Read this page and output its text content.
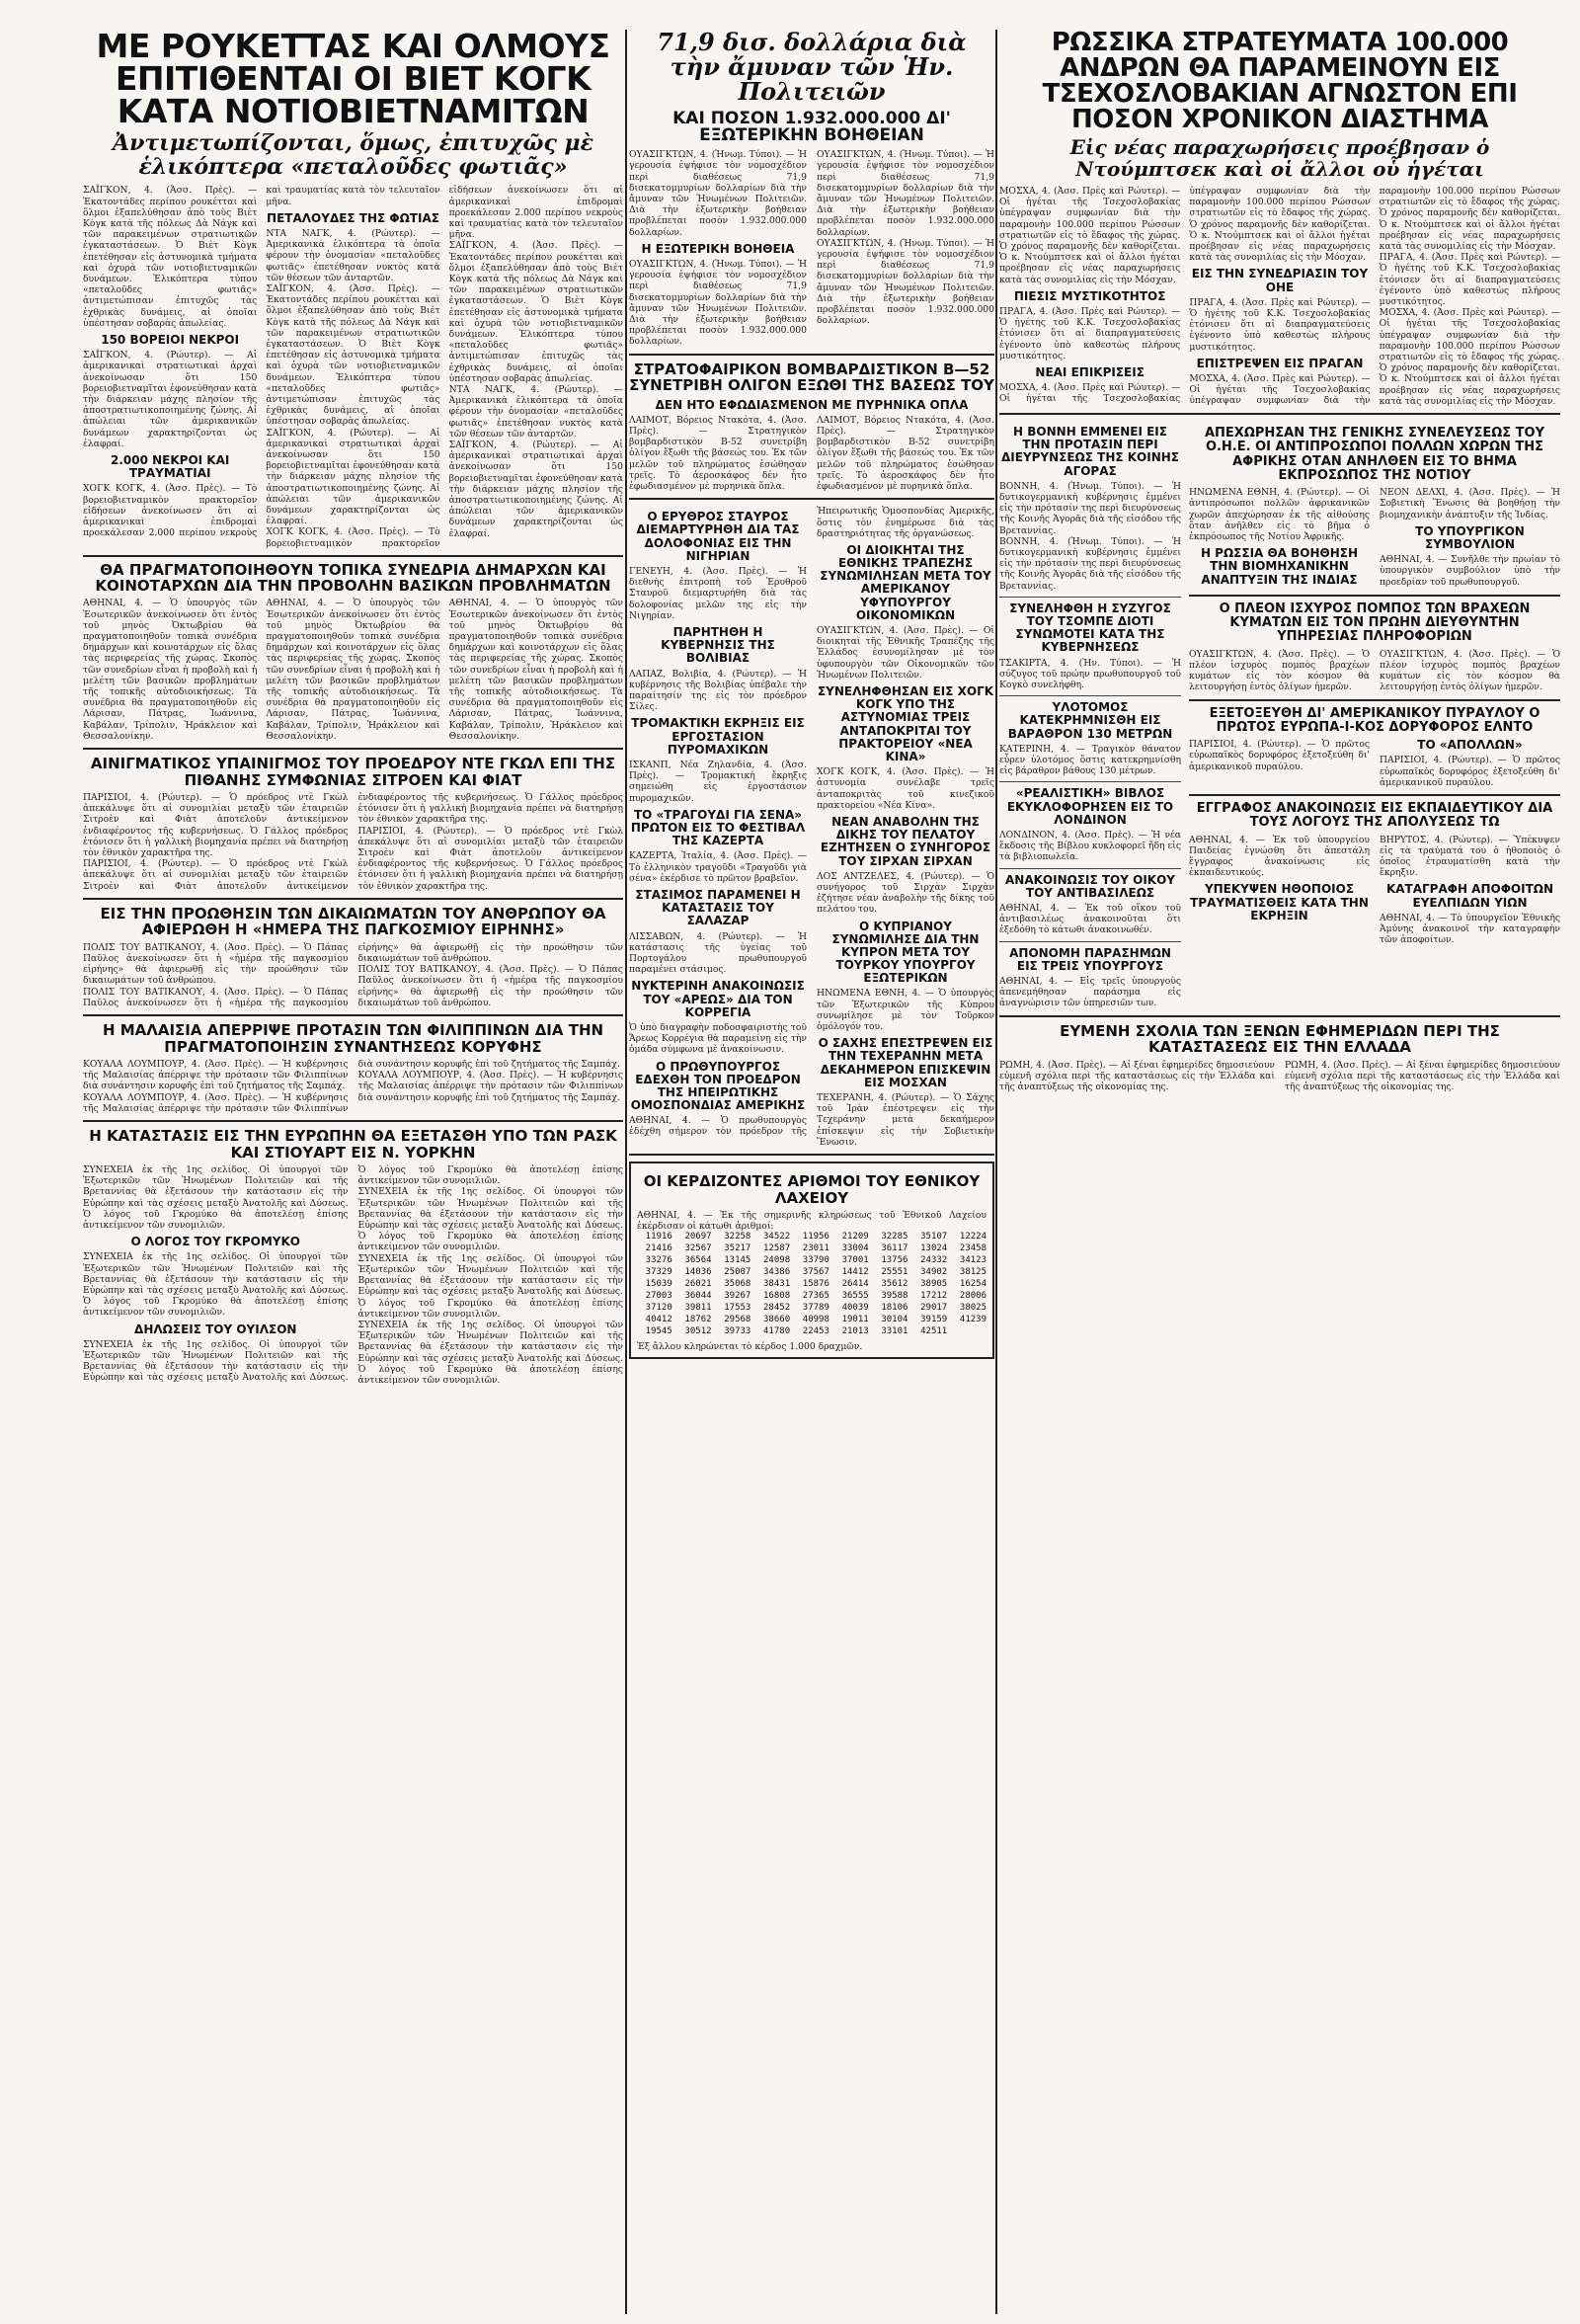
ΜΕ ΡΟΥΚΕΤΤΑΣ ΚΑΙ ΟΛΜΟΥΣ ΕΠΙΤΙΘΕΝΤΑΙ ΟΙ ΒΙΕΤ ΚΟΓΚ ΚΑΤΑ ΝΟΤΙΟΒΙΕΤΝΑΜΙΤΩΝ
Ἀντιμετωπίζονται, ὅμως, ἐπιτυχῶς μὲ ἑλικόπτερα «πεταλοῦδες φωτιᾶς»

ΣΑΪΓΚΟΝ, 4. (Ἀσσ. Πρὲς). — Ἐκατοντάδες περίπου ρουκέτται καὶ ὅλμοι ἐξαπελύθησαν ἀπὸ τοὺς Βιὲτ Κὸγκ κατὰ τῆς πόλεως Δὰ Νάγκ καὶ τῶν παρακειμένων στρατιωτικῶν ἐγκαταστάσεων. Ὁ Βιὲτ Κὸγκ ἐπετέθησαν εἰς ἀστυνομικὰ τμήματα καὶ ὀχυρὰ τῶν νοτιοβιετναμικῶν δυνάμεων. Ἑλικόπτερα τύπου «πεταλοῦδες φωτιᾶς» ἀντιμετώπισαν ἐπιτυχῶς τὰς ἐχθρικὰς δυνάμεις, αἱ ὁποῖαι ὑπέστησαν σοβαρὰς ἀπωλείας.

150 ΒΟΡΕΙΟΙ ΝΕΚΡΟΙ

ΣΑΪΓΚΟΝ, 4. (Ρώυτερ). — Αἱ ἀμερικανικαὶ στρατιωτικαὶ ἀρχαὶ ἀνεκοίνωσαν ὅτι 150 βορειοβιετναμῖται ἐφονεύθησαν κατὰ τὴν διάρκειαν μάχης πλησίον τῆς ἀποστρατιωτικοποιημένης ζώνης. Αἱ ἀπώλειαι τῶν ἀμερικανικῶν δυνάμεων χαρακτηρίζονται ὡς ἐλαφραί.

2.000 ΝΕΚΡΟΙ ΚΑΙ ΤΡΑΥΜΑΤΙΑΙ

ΧΟΓΚ ΚΟΓΚ, 4. (Ἀσσ. Πρὲς). — Τὸ βορειοβιετναμικὸν πρακτορεῖον εἰδήσεων ἀνεκοίνωσεν ὅτι αἱ ἀμερικανικαὶ ἐπιδρομαὶ προεκάλεσαν 2.000 περίπου νεκροὺς καὶ τραυματίας κατὰ τὸν τελευταῖον μῆνα.

ΠΕΤΑΛΟΥΔΕΣ ΤΗΣ ΦΩΤΙΑΣ

ΝΤΑ ΝΑΓΚ, 4. (Ρώυτερ). — Ἀμερικανικὰ ἑλικόπτερα τὰ ὁποῖα φέρουν τὴν ὀνομασίαν «πεταλοῦδες φωτιᾶς» ἐπετέθησαν νυκτὸς κατὰ τῶν θέσεων τῶν ἀνταρτῶν.

ΣΑΪΓΚΟΝ, 4. (Ἀσσ. Πρὲς). — Ἐκατοντάδες περίπου ρουκέτται καὶ ὅλμοι ἐξαπελύθησαν ἀπὸ τοὺς Βιὲτ Κὸγκ κατὰ τῆς πόλεως Δὰ Νάγκ καὶ τῶν παρακειμένων στρατιωτικῶν ἐγκαταστάσεων. Ὁ Βιὲτ Κὸγκ ἐπετέθησαν εἰς ἀστυνομικὰ τμήματα καὶ ὀχυρὰ τῶν νοτιοβιετναμικῶν δυνάμεων. Ἑλικόπτερα τύπου «πεταλοῦδες φωτιᾶς» ἀντιμετώπισαν ἐπιτυχῶς τὰς ἐχθρικὰς δυνάμεις, αἱ ὁποῖαι ὑπέστησαν σοβαρὰς ἀπωλείας.

ΣΑΪΓΚΟΝ, 4. (Ρώυτερ). — Αἱ ἀμερικανικαὶ στρατιωτικαὶ ἀρχαὶ ἀνεκοίνωσαν ὅτι 150 βορειοβιετναμῖται ἐφονεύθησαν κατὰ τὴν διάρκειαν μάχης πλησίον τῆς ἀποστρατιωτικοποιημένης ζώνης. Αἱ ἀπώλειαι τῶν ἀμερικανικῶν δυνάμεων χαρακτηρίζονται ὡς ἐλαφραί.

ΧΟΓΚ ΚΟΓΚ, 4. (Ἀσσ. Πρὲς). — Τὸ βορειοβιετναμικὸν πρακτορεῖον εἰδήσεων ἀνεκοίνωσεν ὅτι αἱ ἀμερικανικαὶ ἐπιδρομαὶ προεκάλεσαν 2.000 περίπου νεκροὺς καὶ τραυματίας κατὰ τὸν τελευταῖον μῆνα.

ΣΑΪΓΚΟΝ, 4. (Ἀσσ. Πρὲς). — Ἐκατοντάδες περίπου ρουκέτται καὶ ὅλμοι ἐξαπελύθησαν ἀπὸ τοὺς Βιὲτ Κὸγκ κατὰ τῆς πόλεως Δὰ Νάγκ καὶ τῶν παρακειμένων στρατιωτικῶν ἐγκαταστάσεων. Ὁ Βιὲτ Κὸγκ ἐπετέθησαν εἰς ἀστυνομικὰ τμήματα καὶ ὀχυρὰ τῶν νοτιοβιετναμικῶν δυνάμεων. Ἑλικόπτερα τύπου «πεταλοῦδες φωτιᾶς» ἀντιμετώπισαν ἐπιτυχῶς τὰς ἐχθρικὰς δυνάμεις, αἱ ὁποῖαι ὑπέστησαν σοβαρὰς ἀπωλείας.

ΝΤΑ ΝΑΓΚ, 4. (Ρώυτερ). — Ἀμερικανικὰ ἑλικόπτερα τὰ ὁποῖα φέρουν τὴν ὀνομασίαν «πεταλοῦδες φωτιᾶς» ἐπετέθησαν νυκτὸς κατὰ τῶν θέσεων τῶν ἀνταρτῶν.

ΣΑΪΓΚΟΝ, 4. (Ρώυτερ). — Αἱ ἀμερικανικαὶ στρατιωτικαὶ ἀρχαὶ ἀνεκοίνωσαν ὅτι 150 βορειοβιετναμῖται ἐφονεύθησαν κατὰ τὴν διάρκειαν μάχης πλησίον τῆς ἀποστρατιωτικοποιημένης ζώνης. Αἱ ἀπώλειαι τῶν ἀμερικανικῶν δυνάμεων χαρακτηρίζονται ὡς ἐλαφραί.

ΘΑ ΠΡΑΓΜΑΤΟΠΟΙΗΘΟΥΝ ΤΟΠΙΚΑ ΣΥΝΕΔΡΙΑ ΔΗΜΑΡΧΩΝ ΚΑΙ ΚΟΙΝΟΤΑΡΧΩΝ ΔΙΑ ΤΗΝ ΠΡΟΒΟΛΗΝ ΒΑΣΙΚΩΝ ΠΡΟΒΛΗΜΑΤΩΝ

ΑΘΗΝΑΙ, 4. — Ὁ ὑπουργὸς τῶν Ἐσωτερικῶν ἀνεκοίνωσεν ὅτι ἐντὸς τοῦ μηνὸς Ὀκτωβρίου θὰ πραγματοποιηθοῦν τοπικὰ συνέδρια δημάρχων καὶ κοινοτάρχων εἰς ὅλας τὰς περιφερείας τῆς χώρας. Σκοπὸς τῶν συνεδρίων εἶναι ἡ προβολὴ καὶ ἡ μελέτη τῶν βασικῶν προβλημάτων τῆς τοπικῆς αὐτοδιοικήσεως. Τὰ συνέδρια θὰ πραγματοποιηθοῦν εἰς Λάρισαν, Πάτρας, Ἰωάννινα, Καβάλαν, Τρίπολιν, Ἡράκλειον καὶ Θεσσαλονίκην.

ΑΘΗΝΑΙ, 4. — Ὁ ὑπουργὸς τῶν Ἐσωτερικῶν ἀνεκοίνωσεν ὅτι ἐντὸς τοῦ μηνὸς Ὀκτωβρίου θὰ πραγματοποιηθοῦν τοπικὰ συνέδρια δημάρχων καὶ κοινοτάρχων εἰς ὅλας τὰς περιφερείας τῆς χώρας. Σκοπὸς τῶν συνεδρίων εἶναι ἡ προβολὴ καὶ ἡ μελέτη τῶν βασικῶν προβλημάτων τῆς τοπικῆς αὐτοδιοικήσεως. Τὰ συνέδρια θὰ πραγματοποιηθοῦν εἰς Λάρισαν, Πάτρας, Ἰωάννινα, Καβάλαν, Τρίπολιν, Ἡράκλειον καὶ Θεσσαλονίκην.

ΑΘΗΝΑΙ, 4. — Ὁ ὑπουργὸς τῶν Ἐσωτερικῶν ἀνεκοίνωσεν ὅτι ἐντὸς τοῦ μηνὸς Ὀκτωβρίου θὰ πραγματοποιηθοῦν τοπικὰ συνέδρια δημάρχων καὶ κοινοτάρχων εἰς ὅλας τὰς περιφερείας τῆς χώρας. Σκοπὸς τῶν συνεδρίων εἶναι ἡ προβολὴ καὶ ἡ μελέτη τῶν βασικῶν προβλημάτων τῆς τοπικῆς αὐτοδιοικήσεως. Τὰ συνέδρια θὰ πραγματοποιηθοῦν εἰς Λάρισαν, Πάτρας, Ἰωάννινα, Καβάλαν, Τρίπολιν, Ἡράκλειον καὶ Θεσσαλονίκην.

ΑΙΝΙΓΜΑΤΙΚΟΣ ΥΠΑΙΝΙΓΜΟΣ ΤΟΥ ΠΡΟΕΔΡΟΥ ΝΤΕ ΓΚΩΛ ΕΠΙ ΤΗΣ ΠΙΘΑΝΗΣ ΣΥΜΦΩΝΙΑΣ ΣΙΤΡΟΕΝ ΚΑΙ ΦΙΑΤ

ΠΑΡΙΣΙΟΙ, 4. (Ρώυτερ). — Ὁ πρόεδρος ντὲ Γκὼλ ἀπεκάλυψε ὅτι αἱ συνομιλίαι μεταξὺ τῶν ἑταιρειῶν Σιτροὲν καὶ Φιὰτ ἀποτελοῦν ἀντικείμενον ἐνδιαφέροντος τῆς κυβερνήσεως. Ὁ Γάλλος πρόεδρος ἐτόνισεν ὅτι ἡ γαλλικὴ βιομηχανία πρέπει νὰ διατηρήσῃ τὸν ἐθνικὸν χαρακτῆρα της.

ΠΑΡΙΣΙΟΙ, 4. (Ρώυτερ). — Ὁ πρόεδρος ντὲ Γκὼλ ἀπεκάλυψε ὅτι αἱ συνομιλίαι μεταξὺ τῶν ἑταιρειῶν Σιτροὲν καὶ Φιὰτ ἀποτελοῦν ἀντικείμενον ἐνδιαφέροντος τῆς κυβερνήσεως. Ὁ Γάλλος πρόεδρος ἐτόνισεν ὅτι ἡ γαλλικὴ βιομηχανία πρέπει νὰ διατηρήσῃ τὸν ἐθνικὸν χαρακτῆρα της.

ΠΑΡΙΣΙΟΙ, 4. (Ρώυτερ). — Ὁ πρόεδρος ντὲ Γκὼλ ἀπεκάλυψε ὅτι αἱ συνομιλίαι μεταξὺ τῶν ἑταιρειῶν Σιτροὲν καὶ Φιὰτ ἀποτελοῦν ἀντικείμενον ἐνδιαφέροντος τῆς κυβερνήσεως. Ὁ Γάλλος πρόεδρος ἐτόνισεν ὅτι ἡ γαλλικὴ βιομηχανία πρέπει νὰ διατηρήσῃ τὸν ἐθνικὸν χαρακτῆρα της.

ΕΙΣ ΤΗΝ ΠΡΟΩΘΗΣΙΝ ΤΩΝ ΔΙΚΑΙΩΜΑΤΩΝ ΤΟΥ ΑΝΘΡΩΠΟΥ ΘΑ ΑΦΙΕΡΩΘΗ Η «ΗΜΕΡΑ ΤΗΣ ΠΑΓΚΟΣΜΙΟΥ ΕΙΡΗΝΗΣ»

ΠΟΛΙΣ ΤΟΥ ΒΑΤΙΚΑΝΟΥ, 4. (Ἀσσ. Πρὲς). — Ὁ Πάπας Παῦλος ἀνεκοίνωσεν ὅτι ἡ «ἡμέρα τῆς παγκοσμίου εἰρήνης» θὰ ἀφιερωθῇ εἰς τὴν προώθησιν τῶν δικαιωμάτων τοῦ ἀνθρώπου.

ΠΟΛΙΣ ΤΟΥ ΒΑΤΙΚΑΝΟΥ, 4. (Ἀσσ. Πρὲς). — Ὁ Πάπας Παῦλος ἀνεκοίνωσεν ὅτι ἡ «ἡμέρα τῆς παγκοσμίου εἰρήνης» θὰ ἀφιερωθῇ εἰς τὴν προώθησιν τῶν δικαιωμάτων τοῦ ἀνθρώπου.

ΠΟΛΙΣ ΤΟΥ ΒΑΤΙΚΑΝΟΥ, 4. (Ἀσσ. Πρὲς). — Ὁ Πάπας Παῦλος ἀνεκοίνωσεν ὅτι ἡ «ἡμέρα τῆς παγκοσμίου εἰρήνης» θὰ ἀφιερωθῇ εἰς τὴν προώθησιν τῶν δικαιωμάτων τοῦ ἀνθρώπου.

Η ΜΑΛΑΙΣΙΑ ΑΠΕΡΡΙΨΕ ΠΡΟΤΑΣΙΝ ΤΩΝ ΦΙΛΙΠΠΙΝΩΝ ΔΙΑ ΤΗΝ ΠΡΑΓΜΑΤΟΠΟΙΗΣΙΝ ΣΥΝΑΝΤΗΣΕΩΣ ΚΟΡΥΦΗΣ

ΚΟΥΑΛΑ ΛΟΥΜΠΟΥΡ, 4. (Ἀσσ. Πρὲς). — Ἡ κυβέρνησις τῆς Μαλαισίας ἀπέρριψε τὴν πρότασιν τῶν Φιλιππίνων διὰ συνάντησιν κορυφῆς ἐπὶ τοῦ ζητήματος τῆς Σαμπάχ.

ΚΟΥΑΛΑ ΛΟΥΜΠΟΥΡ, 4. (Ἀσσ. Πρὲς). — Ἡ κυβέρνησις τῆς Μαλαισίας ἀπέρριψε τὴν πρότασιν τῶν Φιλιππίνων διὰ συνάντησιν κορυφῆς ἐπὶ τοῦ ζητήματος τῆς Σαμπάχ.

ΚΟΥΑΛΑ ΛΟΥΜΠΟΥΡ, 4. (Ἀσσ. Πρὲς). — Ἡ κυβέρνησις τῆς Μαλαισίας ἀπέρριψε τὴν πρότασιν τῶν Φιλιππίνων διὰ συνάντησιν κορυφῆς ἐπὶ τοῦ ζητήματος τῆς Σαμπάχ.

Η ΚΑΤΑΣΤΑΣΙΣ ΕΙΣ ΤΗΝ ΕΥΡΩΠΗΝ ΘΑ ΕΞΕΤΑΣΘΗ ΥΠΟ ΤΩΝ ΡΑΣΚ ΚΑΙ ΣΤΙΟΥΑΡΤ ΕΙΣ Ν. ΥΟΡΚΗΝ

ΣΥΝΕΧΕΙΑ ἐκ τῆς 1ης σελίδος. Οἱ ὑπουργοὶ τῶν Ἐξωτερικῶν τῶν Ἡνωμένων Πολιτειῶν καὶ τῆς Βρεταννίας θὰ ἐξετάσουν τὴν κατάστασιν εἰς τὴν Εὐρώπην καὶ τὰς σχέσεις μεταξὺ Ἀνατολῆς καὶ Δύσεως. Ὁ λόγος τοῦ Γκρομύκο θὰ ἀποτελέσῃ ἐπίσης ἀντικείμενον τῶν συνομιλιῶν.

Ο ΛΟΓΟΣ ΤΟΥ ΓΚΡΟΜΥΚΟ

ΣΥΝΕΧΕΙΑ ἐκ τῆς 1ης σελίδος. Οἱ ὑπουργοὶ τῶν Ἐξωτερικῶν τῶν Ἡνωμένων Πολιτειῶν καὶ τῆς Βρεταννίας θὰ ἐξετάσουν τὴν κατάστασιν εἰς τὴν Εὐρώπην καὶ τὰς σχέσεις μεταξὺ Ἀνατολῆς καὶ Δύσεως. Ὁ λόγος τοῦ Γκρομύκο θὰ ἀποτελέσῃ ἐπίσης ἀντικείμενον τῶν συνομιλιῶν.

ΔΗΛΩΣΕΙΣ ΤΟΥ ΟΥΙΛΣΟΝ

ΣΥΝΕΧΕΙΑ ἐκ τῆς 1ης σελίδος. Οἱ ὑπουργοὶ τῶν Ἐξωτερικῶν τῶν Ἡνωμένων Πολιτειῶν καὶ τῆς Βρεταννίας θὰ ἐξετάσουν τὴν κατάστασιν εἰς τὴν Εὐρώπην καὶ τὰς σχέσεις μεταξὺ Ἀνατολῆς καὶ Δύσεως. Ὁ λόγος τοῦ Γκρομύκο θὰ ἀποτελέσῃ ἐπίσης ἀντικείμενον τῶν συνομιλιῶν.

ΣΥΝΕΧΕΙΑ ἐκ τῆς 1ης σελίδος. Οἱ ὑπουργοὶ τῶν Ἐξωτερικῶν τῶν Ἡνωμένων Πολιτειῶν καὶ τῆς Βρεταννίας θὰ ἐξετάσουν τὴν κατάστασιν εἰς τὴν Εὐρώπην καὶ τὰς σχέσεις μεταξὺ Ἀνατολῆς καὶ Δύσεως. Ὁ λόγος τοῦ Γκρομύκο θὰ ἀποτελέσῃ ἐπίσης ἀντικείμενον τῶν συνομιλιῶν.

ΣΥΝΕΧΕΙΑ ἐκ τῆς 1ης σελίδος. Οἱ ὑπουργοὶ τῶν Ἐξωτερικῶν τῶν Ἡνωμένων Πολιτειῶν καὶ τῆς Βρεταννίας θὰ ἐξετάσουν τὴν κατάστασιν εἰς τὴν Εὐρώπην καὶ τὰς σχέσεις μεταξὺ Ἀνατολῆς καὶ Δύσεως. Ὁ λόγος τοῦ Γκρομύκο θὰ ἀποτελέσῃ ἐπίσης ἀντικείμενον τῶν συνομιλιῶν.

ΣΥΝΕΧΕΙΑ ἐκ τῆς 1ης σελίδος. Οἱ ὑπουργοὶ τῶν Ἐξωτερικῶν τῶν Ἡνωμένων Πολιτειῶν καὶ τῆς Βρεταννίας θὰ ἐξετάσουν τὴν κατάστασιν εἰς τὴν Εὐρώπην καὶ τὰς σχέσεις μεταξὺ Ἀνατολῆς καὶ Δύσεως. Ὁ λόγος τοῦ Γκρομύκο θὰ ἀποτελέσῃ ἐπίσης ἀντικείμενον τῶν συνομιλιῶν.

71,9 δισ. δολλάρια διὰ τὴν ἄμυναν τῶν Ἡν. Πολιτειῶν
ΚΑΙ ΠΟΣΟΝ 1.932.000.000 ΔΙ' ΕΞΩΤΕΡΙΚΗΝ ΒΟΗΘΕΙΑΝ

ΟΥΑΣΙΓΚΤΩΝ, 4. (Ἡνωμ. Τύποι). — Ἡ γερουσία ἐψήφισε τὸν νομοσχέδιον περὶ διαθέσεως 71,9 δισεκατομμυρίων δολλαρίων διὰ τὴν ἄμυναν τῶν Ἡνωμένων Πολιτειῶν. Διὰ τὴν ἐξωτερικὴν βοήθειαν προβλέπεται ποσὸν 1.932.000.000 δολλαρίων.

Η ΕΞΩΤΕΡΙΚΗ ΒΟΗΘΕΙΑ

ΟΥΑΣΙΓΚΤΩΝ, 4. (Ἡνωμ. Τύποι). — Ἡ γερουσία ἐψήφισε τὸν νομοσχέδιον περὶ διαθέσεως 71,9 δισεκατομμυρίων δολλαρίων διὰ τὴν ἄμυναν τῶν Ἡνωμένων Πολιτειῶν. Διὰ τὴν ἐξωτερικὴν βοήθειαν προβλέπεται ποσὸν 1.932.000.000 δολλαρίων.

ΟΥΑΣΙΓΚΤΩΝ, 4. (Ἡνωμ. Τύποι). — Ἡ γερουσία ἐψήφισε τὸν νομοσχέδιον περὶ διαθέσεως 71,9 δισεκατομμυρίων δολλαρίων διὰ τὴν ἄμυναν τῶν Ἡνωμένων Πολιτειῶν. Διὰ τὴν ἐξωτερικὴν βοήθειαν προβλέπεται ποσὸν 1.932.000.000 δολλαρίων.

ΟΥΑΣΙΓΚΤΩΝ, 4. (Ἡνωμ. Τύποι). — Ἡ γερουσία ἐψήφισε τὸν νομοσχέδιον περὶ διαθέσεως 71,9 δισεκατομμυρίων δολλαρίων διὰ τὴν ἄμυναν τῶν Ἡνωμένων Πολιτειῶν. Διὰ τὴν ἐξωτερικὴν βοήθειαν προβλέπεται ποσὸν 1.932.000.000 δολλαρίων.

ΣΤΡΑΤΟΦΑΙΡΙΚΟΝ ΒΟΜΒΑΡΔΙΣΤΙΚΟΝ Β—52 ΣΥΝΕΤΡΙΒΗ ΟΛΙΓΟΝ ΕΞΩΘΙ ΤΗΣ ΒΑΣΕΩΣ ΤΟΥ
ΔΕΝ ΗΤΟ ΕΦΩΔΙΑΣΜΕΝΟΝ ΜΕ ΠΥΡΗΝΙΚΑ ΟΠΛΑ

ΛΑΙΜΟΤ, Βόρειος Ντακότα, 4. (Ἀσσ. Πρὲς). — Στρατηγικὸν βομβαρδιστικὸν Β-52 συνετρίβη ὀλίγον ἔξωθι τῆς βάσεώς του. Ἐκ τῶν μελῶν τοῦ πληρώματος ἐσώθησαν τρεῖς. Τὸ ἀεροσκάφος δὲν ἦτο ἐφωδιασμένον μὲ πυρηνικὰ ὅπλα.

ΛΑΙΜΟΤ, Βόρειος Ντακότα, 4. (Ἀσσ. Πρὲς). — Στρατηγικὸν βομβαρδιστικὸν Β-52 συνετρίβη ὀλίγον ἔξωθι τῆς βάσεώς του. Ἐκ τῶν μελῶν τοῦ πληρώματος ἐσώθησαν τρεῖς. Τὸ ἀεροσκάφος δὲν ἦτο ἐφωδιασμένον μὲ πυρηνικὰ ὅπλα.

Ο ΕΡΥΘΡΟΣ ΣΤΑΥΡΟΣ ΔΙΕΜΑΡΤΥΡΗΘΗ ΔΙΑ ΤΑΣ ΔΟΛΟΦΟΝΙΑΣ ΕΙΣ ΤΗΝ ΝΙΓΗΡΙΑΝ

ΓΕΝΕΥΗ, 4. (Ἀσσ. Πρὲς). — Ἡ διεθνὴς ἐπιτροπὴ τοῦ Ἐρυθροῦ Σταυροῦ διεμαρτυρήθη διὰ τὰς δολοφονίας μελῶν της εἰς τὴν Νιγηρίαν.

ΠΑΡΗΤΗΘΗ Η ΚΥΒΕΡΝΗΣΙΣ ΤΗΣ ΒΟΛΙΒΙΑΣ

ΛΑΠΑΖ, Βολιβία, 4. (Ρώυτερ). — Ἡ κυβέρνησις τῆς Βολιβίας ὑπέβαλε τὴν παραίτησίν της εἰς τὸν πρόεδρον Σίλες.

ΤΡΟΜΑΚΤΙΚΗ ΕΚΡΗΞΙΣ ΕΙΣ ΕΡΓΟΣΤΑΣΙΟΝ ΠΥΡΟΜΑΧΙΚΩΝ

ΙΣΚΑΝΠ, Νέα Ζηλανδία, 4. (Ἀσσ. Πρὲς). — Τρομακτικὴ ἔκρηξις σημειώθη εἰς ἐργοστάσιον πυρομαχικῶν.

ΤΟ «ΤΡΑΓΟΥΔΙ ΓΙΑ ΣΕΝΑ» ΠΡΩΤΟΝ ΕΙΣ ΤΟ ΦΕΣΤΙΒΑΛ ΤΗΣ ΚΑΖΕΡΤΑ

ΚΑΖΕΡΤΑ, Ἰταλία, 4. (Ἀσσ. Πρὲς). — Τὸ ἑλληνικὸν τραγοῦδι «Τραγοῦδι γιὰ σένα» ἐκέρδισε τὸ πρῶτον βραβεῖον.

ΣΤΑΣΙΜΟΣ ΠΑΡΑΜΕΝΕΙ Η ΚΑΤΑΣΤΑΣΙΣ ΤΟΥ ΣΑΛΑΖΑΡ

ΛΙΣΣΑΒΩΝ, 4. (Ρώυτερ). — Ἡ κατάστασις τῆς ὑγείας τοῦ Πορτογάλου πρωθυπουργοῦ παραμένει στάσιμος.

ΝΥΚΤΕΡΙΝΗ ΑΝΑΚΟΙΝΩΣΙΣ ΤΟΥ «ΑΡΕΩΣ» ΔΙΑ ΤΟΝ ΚΟΡΡΕΓΙΑ

Ὁ ὑπὸ διαγραφὴν ποδοσφαιριστὴς τοῦ Ἄρεως Κορρέγια θὰ παραμείνῃ εἰς τὴν ὁμάδα σύμφωνα μὲ ἀνακοίνωσιν.

Ο ΠΡΩΘΥΠΟΥΡΓΟΣ ΕΔΕΧΘΗ ΤΟΝ ΠΡΟΕΔΡΟΝ ΤΗΣ ΗΠΕΙΡΩΤΙΚΗΣ ΟΜΟΣΠΟΝΔΙΑΣ ΑΜΕΡΙΚΗΣ

ΑΘΗΝΑΙ, 4. — Ὁ πρωθυπουργὸς ἐδέχθη σήμερον τὸν πρόεδρον τῆς Ἠπειρωτικῆς Ὁμοσπονδίας Ἀμερικῆς, ὅστις τὸν ἐνημέρωσε διὰ τὰς δραστηριότητας τῆς ὀργανώσεως.

ΟΙ ΔΙΟΙΚΗΤΑΙ ΤΗΣ ΕΘΝΙΚΗΣ ΤΡΑΠΕΖΗΣ ΣΥΝΩΜΙΛΗΣΑΝ ΜΕΤΑ ΤΟΥ ΑΜΕΡΙΚΑΝΟΥ ΥΦΥΠΟΥΡΓΟΥ ΟΙΚΟΝΟΜΙΚΩΝ

ΟΥΑΣΙΓΚΤΩΝ, 4. (Ἀσσ. Πρὲς). — Οἱ διοικηταὶ τῆς Ἐθνικῆς Τραπέζης τῆς Ἑλλάδος ἐσυνομίλησαν μὲ τὸν ὑφυπουργὸν τῶν Οἰκονομικῶν τῶν Ἡνωμένων Πολιτειῶν.

ΣΥΝΕΛΗΦΘΗΣΑΝ ΕΙΣ ΧΟΓΚ ΚΟΓΚ ΥΠΟ ΤΗΣ ΑΣΤΥΝΟΜΙΑΣ ΤΡΕΙΣ ΑΝΤΑΠΟΚΡΙΤΑΙ ΤΟΥ ΠΡΑΚΤΟΡΕΙΟΥ «ΝΕΑ ΚΙΝΑ»

ΧΟΓΚ ΚΟΓΚ, 4. (Ἀσσ. Πρὲς). — Ἡ ἀστυνομία συνέλαβε τρεῖς ἀνταποκριτὰς τοῦ κινεζικοῦ πρακτορείου «Νέα Κίνα».

ΝΕΑΝ ΑΝΑΒΟΛΗΝ ΤΗΣ ΔΙΚΗΣ ΤΟΥ ΠΕΛΑΤΟΥ ΕΖΗΤΗΣΕΝ Ο ΣΥΝΗΓΟΡΟΣ ΤΟΥ ΣΙΡΧΑΝ ΣΙΡΧΑΝ

ΛΟΣ ΑΝΤΖΕΛΕΣ, 4. (Ρώυτερ). — Ὁ συνήγορος τοῦ Σιρχὰν Σιρχὰν ἐζήτησε νέαν ἀναβολὴν τῆς δίκης τοῦ πελάτου του.

Ο ΚΥΠΡΙΑΝΟΥ ΣΥΝΩΜΙΛΗΣΕ ΔΙΑ ΤΗΝ ΚΥΠΡΟΝ ΜΕΤΑ ΤΟΥ ΤΟΥΡΚΟΥ ΥΠΟΥΡΓΟΥ ΕΞΩΤΕΡΙΚΩΝ

ΗΝΩΜΕΝΑ ΕΘΝΗ, 4. — Ὁ ὑπουργὸς τῶν Ἐξωτερικῶν τῆς Κύπρου συνωμίλησε μὲ τὸν Τοῦρκον ὁμόλογόν του.

Ο ΣΑΧΗΣ ΕΠΕΣΤΡΕΨΕΝ ΕΙΣ ΤΗΝ ΤΕΧΕΡΑΝΗΝ ΜΕΤΑ ΔΕΚΑΗΜΕΡΟΝ ΕΠΙΣΚΕΨΙΝ ΕΙΣ ΜΟΣΧΑΝ

ΤΕΧΕΡΑΝΗ, 4. (Ρώυτερ). — Ὁ Σάχης τοῦ Ἰρὰν ἐπέστρεψεν εἰς τὴν Τεχεράνην μετὰ δεκαήμερον ἐπίσκεψιν εἰς τὴν Σοβιετικὴν Ἕνωσιν.

ΟΙ ΚΕΡΔΙΖΟΝΤΕΣ ΑΡΙΘΜΟΙ ΤΟΥ ΕΘΝΙΚΟΥ ΛΑΧΕΙΟΥ

ΑΘΗΝΑΙ, 4. — Ἐκ τῆς σημερινῆς κληρώσεως τοῦ Ἐθνικοῦ Λαχείου ἐκέρδισαν οἱ κάτωθι ἀριθμοί:

11916	20697	32258	34522	11956	21209	32285	35107	12224
21416	32567	35217	12587	23011	33004	36117	13024	23458
33276	36564	13145	24098	33790	37001	13756	24332	34123
37329	14036	25007	34386	37567	14412	25551	34902	38125
15039	26021	35068	38431	15876	26414	35612	38905	16254
27003	36044	39267	16808	27365	36555	39588	17212	28006
37120	39811	17553	28452	37789	40039	18106	29017	38025
40412	18762	29568	38660	40998	19011	30104	39159	41239
19545	30512	39733	41780	22453	21013	33101	42511

Ἐξ ἄλλου κληρώνεται τὸ κέρδος 1.000 δραχμῶν.

ΡΩΣΣΙΚΑ ΣΤΡΑΤΕΥΜΑΤΑ 100.000 ΑΝΔΡΩΝ ΘΑ ΠΑΡΑΜΕΙΝΟΥΝ ΕΙΣ ΤΣΕΧΟΣΛΟΒΑΚΙΑΝ ΑΓΝΩΣΤΟΝ ΕΠΙ ΠΟΣΟΝ ΧΡΟΝΙΚΟΝ ΔΙΑΣΤΗΜΑ
Εἰς νέας παραχωρήσεις προέβησαν ὁ Ντούμπτσεκ καὶ οἱ ἄλλοι οὗ ἡγέται

ΜΟΣΧΑ, 4. (Ἀσσ. Πρὲς καὶ Ρώυτερ). — Οἱ ἡγέται τῆς Τσεχοσλοβακίας ὑπέγραψαν συμφωνίαν διὰ τὴν παραμονὴν 100.000 περίπου Ρώσσων στρατιωτῶν εἰς τὸ ἔδαφος τῆς χώρας. Ὁ χρόνος παραμονῆς δὲν καθορίζεται. Ὁ κ. Ντούμπτσεκ καὶ οἱ ἄλλοι ἡγέται προέβησαν εἰς νέας παραχωρήσεις κατὰ τὰς συνομιλίας εἰς τὴν Μόσχαν.

ΠΙΕΣΙΣ ΜΥΣΤΙΚΟΤΗΤΟΣ

ΠΡΑΓΑ, 4. (Ἀσσ. Πρὲς καὶ Ρώυτερ). — Ὁ ἡγέτης τοῦ Κ.Κ. Τσεχοσλοβακίας ἐτόνισεν ὅτι αἱ διαπραγματεύσεις ἐγένοντο ὑπὸ καθεστὼς πλήρους μυστικότητος.

ΝΕΑΙ ΕΠΙΚΡΙΣΕΙΣ

ΜΟΣΧΑ, 4. (Ἀσσ. Πρὲς καὶ Ρώυτερ). — Οἱ ἡγέται τῆς Τσεχοσλοβακίας ὑπέγραψαν συμφωνίαν διὰ τὴν παραμονὴν 100.000 περίπου Ρώσσων στρατιωτῶν εἰς τὸ ἔδαφος τῆς χώρας. Ὁ χρόνος παραμονῆς δὲν καθορίζεται. Ὁ κ. Ντούμπτσεκ καὶ οἱ ἄλλοι ἡγέται προέβησαν εἰς νέας παραχωρήσεις κατὰ τὰς συνομιλίας εἰς τὴν Μόσχαν.

ΕΙΣ ΤΗΝ ΣΥΝΕΔΡΙΑΣΙΝ ΤΟΥ ΟΗΕ

ΠΡΑΓΑ, 4. (Ἀσσ. Πρὲς καὶ Ρώυτερ). — Ὁ ἡγέτης τοῦ Κ.Κ. Τσεχοσλοβακίας ἐτόνισεν ὅτι αἱ διαπραγματεύσεις ἐγένοντο ὑπὸ καθεστὼς πλήρους μυστικότητος.

ΕΠΙΣΤΡΕΨΕΝ ΕΙΣ ΠΡΑΓΑΝ

ΜΟΣΧΑ, 4. (Ἀσσ. Πρὲς καὶ Ρώυτερ). — Οἱ ἡγέται τῆς Τσεχοσλοβακίας ὑπέγραψαν συμφωνίαν διὰ τὴν παραμονὴν 100.000 περίπου Ρώσσων στρατιωτῶν εἰς τὸ ἔδαφος τῆς χώρας. Ὁ χρόνος παραμονῆς δὲν καθορίζεται. Ὁ κ. Ντούμπτσεκ καὶ οἱ ἄλλοι ἡγέται προέβησαν εἰς νέας παραχωρήσεις κατὰ τὰς συνομιλίας εἰς τὴν Μόσχαν.

ΠΡΑΓΑ, 4. (Ἀσσ. Πρὲς καὶ Ρώυτερ). — Ὁ ἡγέτης τοῦ Κ.Κ. Τσεχοσλοβακίας ἐτόνισεν ὅτι αἱ διαπραγματεύσεις ἐγένοντο ὑπὸ καθεστὼς πλήρους μυστικότητος.

ΜΟΣΧΑ, 4. (Ἀσσ. Πρὲς καὶ Ρώυτερ). — Οἱ ἡγέται τῆς Τσεχοσλοβακίας ὑπέγραψαν συμφωνίαν διὰ τὴν παραμονὴν 100.000 περίπου Ρώσσων στρατιωτῶν εἰς τὸ ἔδαφος τῆς χώρας. Ὁ χρόνος παραμονῆς δὲν καθορίζεται. Ὁ κ. Ντούμπτσεκ καὶ οἱ ἄλλοι ἡγέται προέβησαν εἰς νέας παραχωρήσεις κατὰ τὰς συνομιλίας εἰς τὴν Μόσχαν.

Η ΒΟΝΝΗ ΕΜΜΕΝΕΙ ΕΙΣ ΤΗΝ ΠΡΟΤΑΣΙΝ ΠΕΡΙ ΔΙΕΥΡΥΝΣΕΩΣ ΤΗΣ ΚΟΙΝΗΣ ΑΓΟΡΑΣ

ΒΟΝΝΗ, 4. (Ἡνωμ. Τύποι). — Ἡ δυτικογερμανικὴ κυβέρνησις ἐμμένει εἰς τὴν πρότασίν της περὶ διευρύνσεως τῆς Κοινῆς Ἀγορᾶς διὰ τῆς εἰσόδου τῆς Βρεταννίας.

ΒΟΝΝΗ, 4. (Ἡνωμ. Τύποι). — Ἡ δυτικογερμανικὴ κυβέρνησις ἐμμένει εἰς τὴν πρότασίν της περὶ διευρύνσεως τῆς Κοινῆς Ἀγορᾶς διὰ τῆς εἰσόδου τῆς Βρεταννίας.

ΣΥΝΕΛΗΦΘΗ Η ΣΥΖΥΓΟΣ ΤΟΥ ΤΣΟΜΠΕ ΔΙΟΤΙ ΣΥΝΩΜΟΤΕΙ ΚΑΤΑ ΤΗΣ ΚΥΒΕΡΝΗΣΕΩΣ

ΤΣΑΚΙΡΤΑ, 4. (Ἡν. Τύποι). — Ἡ σύζυγος τοῦ πρώην πρωθυπουργοῦ τοῦ Κογκὸ συνελήφθη.

ΥΛΟΤΟΜΟΣ ΚΑΤΕΚΡΗΜΝΙΣΘΗ ΕΙΣ ΒΑΡΑΘΡΟΝ 130 ΜΕΤΡΩΝ

ΚΑΤΕΡΙΝΗ, 4. — Τραγικὸν θάνατον εὗρεν ὑλοτόμος ὅστις κατεκρημνίσθη εἰς βάραθρον βάθους 130 μέτρων.

«ΡΕΑΛΙΣΤΙΚΗ» ΒΙΒΛΟΣ ΕΚΥΚΛΟΦΟΡΗΣΕΝ ΕΙΣ ΤΟ ΛΟΝΔΙΝΟΝ

ΛΟΝΔΙΝΟΝ, 4. (Ἀσσ. Πρὲς). — Ἡ νέα ἔκδοσις τῆς Βίβλου κυκλοφορεῖ ἤδη εἰς τὰ βιβλιοπωλεῖα.

ΑΝΑΚΟΙΝΩΣΙΣ ΤΟΥ ΟΙΚΟΥ ΤΟΥ ΑΝΤΙΒΑΣΙΛΕΩΣ

ΑΘΗΝΑΙ, 4. — Ἐκ τοῦ οἴκου τοῦ ἀντιβασιλέως ἀνακοινοῦται ὅτι ἐξεδόθη τὸ κάτωθι ἀνακοινωθέν.

ΑΠΟΝΟΜΗ ΠΑΡΑΣΗΜΩΝ ΕΙΣ ΤΡΕΙΣ ΥΠΟΥΡΓΟΥΣ

ΑΘΗΝΑΙ, 4. — Εἰς τρεῖς ὑπουργοὺς ἀπενεμήθησαν παράσημα εἰς ἀναγνώρισιν τῶν ὑπηρεσιῶν των.

ΑΠΕΧΩΡΗΣΑΝ ΤΗΣ ΓΕΝΙΚΗΣ ΣΥΝΕΛΕΥΣΕΩΣ ΤΟΥ Ο.Η.Ε. ΟΙ ΑΝΤΙΠΡΟΣΩΠΟΙ ΠΟΛΛΩΝ ΧΩΡΩΝ ΤΗΣ ΑΦΡΙΚΗΣ ΟΤΑΝ ΑΝΗΛΘΕΝ ΕΙΣ ΤΟ ΒΗΜΑ ΕΚΠΡΟΣΩΠΟΣ ΤΗΣ ΝΟΤΙΟΥ

ΗΝΩΜΕΝΑ ΕΘΝΗ, 4. (Ρώυτερ). — Οἱ ἀντιπρόσωποι πολλῶν ἀφρικανικῶν χωρῶν ἀπεχώρησαν ἐκ τῆς αἰθούσης ὅταν ἀνῆλθεν εἰς τὸ βῆμα ὁ ἐκπρόσωπος τῆς Νοτίου Ἀφρικῆς.

Η ΡΩΣΣΙΑ ΘΑ ΒΟΗΘΗΣΗ ΤΗΝ ΒΙΟΜΗΧΑΝΙΚΗΝ ΑΝΑΠΤΥΞΙΝ ΤΗΣ ΙΝΔΙΑΣ

ΝΕΟΝ ΔΕΛΧΙ, 4. (Ἀσσ. Πρὲς). — Ἡ Σοβιετικὴ Ἕνωσις θὰ βοηθήσῃ τὴν βιομηχανικὴν ἀνάπτυξιν τῆς Ἰνδίας.

ΤΟ ΥΠΟΥΡΓΙΚΟΝ ΣΥΜΒΟΥΛΙΟΝ

ΑΘΗΝΑΙ, 4. — Συνῆλθε τὴν πρωίαν τὸ ὑπουργικὸν συμβούλιον ὑπὸ τὴν προεδρίαν τοῦ πρωθυπουργοῦ.

Ο ΠΛΕΟΝ ΙΣΧΥΡΟΣ ΠΟΜΠΟΣ ΤΩΝ ΒΡΑΧΕΩΝ ΚΥΜΑΤΩΝ ΕΙΣ ΤΟΝ ΠΡΩΗΝ ΔΙΕΥΘΥΝΤΗΝ ΥΠΗΡΕΣΙΑΣ ΠΛΗΡΟΦΟΡΙΩΝ

ΟΥΑΣΙΓΚΤΩΝ, 4. (Ἀσσ. Πρὲς). — Ὁ πλέον ἰσχυρὸς πομπὸς βραχέων κυμάτων εἰς τὸν κόσμον θὰ λειτουργήσῃ ἐντὸς ὀλίγων ἡμερῶν.

ΟΥΑΣΙΓΚΤΩΝ, 4. (Ἀσσ. Πρὲς). — Ὁ πλέον ἰσχυρὸς πομπὸς βραχέων κυμάτων εἰς τὸν κόσμον θὰ λειτουργήσῃ ἐντὸς ὀλίγων ἡμερῶν.

ΕΞΕΤΟΞΕΥΘΗ ΔΙ' ΑΜΕΡΙΚΑΝΙΚΟΥ ΠΥΡΑΥΛΟΥ Ο ΠΡΩΤΟΣ ΕΥΡΩΠΑ-Ι-ΚΟΣ ΔΟΡΥΦΟΡΟΣ ΕΛΝΤΟ

ΠΑΡΙΣΙΟΙ, 4. (Ρώυτερ). — Ὁ πρῶτος εὐρωπαϊκὸς δορυφόρος ἐξετοξεύθη δι' ἀμερικανικοῦ πυραύλου.

ΤΟ «ΑΠΟΛΛΩΝ»

ΠΑΡΙΣΙΟΙ, 4. (Ρώυτερ). — Ὁ πρῶτος εὐρωπαϊκὸς δορυφόρος ἐξετοξεύθη δι' ἀμερικανικοῦ πυραύλου.

ΕΓΓΡΑΦΟΣ ΑΝΑΚΟΙΝΩΣΙΣ ΕΙΣ ΕΚΠΑΙΔΕΥΤΙΚΟΥ ΔΙΑ ΤΟΥΣ ΛΟΓΟΥΣ ΤΗΣ ΑΠΟΛΥΣΕΩΣ ΤΩ

ΑΘΗΝΑΙ, 4. — Ἐκ τοῦ ὑπουργείου Παιδείας ἐγνώσθη ὅτι ἀπεστάλη ἔγγραφος ἀνακοίνωσις εἰς ἐκπαιδευτικούς.

ΥΠΕΚΥΨΕΝ ΗΘΟΠΟΙΟΣ ΤΡΑΥΜΑΤΙΣΘΕΙΣ ΚΑΤΑ ΤΗΝ ΕΚΡΗΞΙΝ

ΒΗΡΥΤΟΣ, 4. (Ρώυτερ). — Ὑπέκυψεν εἰς τὰ τραύματά του ὁ ἠθοποιὸς ὁ ὁποῖος ἐτραυματίσθη κατὰ τὴν ἔκρηξιν.

ΚΑΤΑΓΡΑΦΗ ΑΠΟΦΟΙΤΩΝ ΕΥΕΛΠΙΔΩΝ ΥΙΩΝ

ΑΘΗΝΑΙ, 4. — Τὸ ὑπουργεῖον Ἐθνικῆς Ἀμύνης ἀνακοινοῖ τὴν καταγραφὴν τῶν ἀποφοίτων.

ΕΥΜΕΝΗ ΣΧΟΛΙΑ ΤΩΝ ΞΕΝΩΝ ΕΦΗΜΕΡΙΔΩΝ ΠΕΡΙ ΤΗΣ ΚΑΤΑΣΤΑΣΕΩΣ ΕΙΣ ΤΗΝ ΕΛΛΑΔΑ

ΡΩΜΗ, 4. (Ἀσσ. Πρὲς). — Αἱ ξέναι ἐφημερίδες δημοσιεύουν εὐμενῆ σχόλια περὶ τῆς καταστάσεως εἰς τὴν Ἑλλάδα καὶ τῆς ἀναπτύξεως τῆς οἰκονομίας της.

ΡΩΜΗ, 4. (Ἀσσ. Πρὲς). — Αἱ ξέναι ἐφημερίδες δημοσιεύουν εὐμενῆ σχόλια περὶ τῆς καταστάσεως εἰς τὴν Ἑλλάδα καὶ τῆς ἀναπτύξεως τῆς οἰκονομίας της.
